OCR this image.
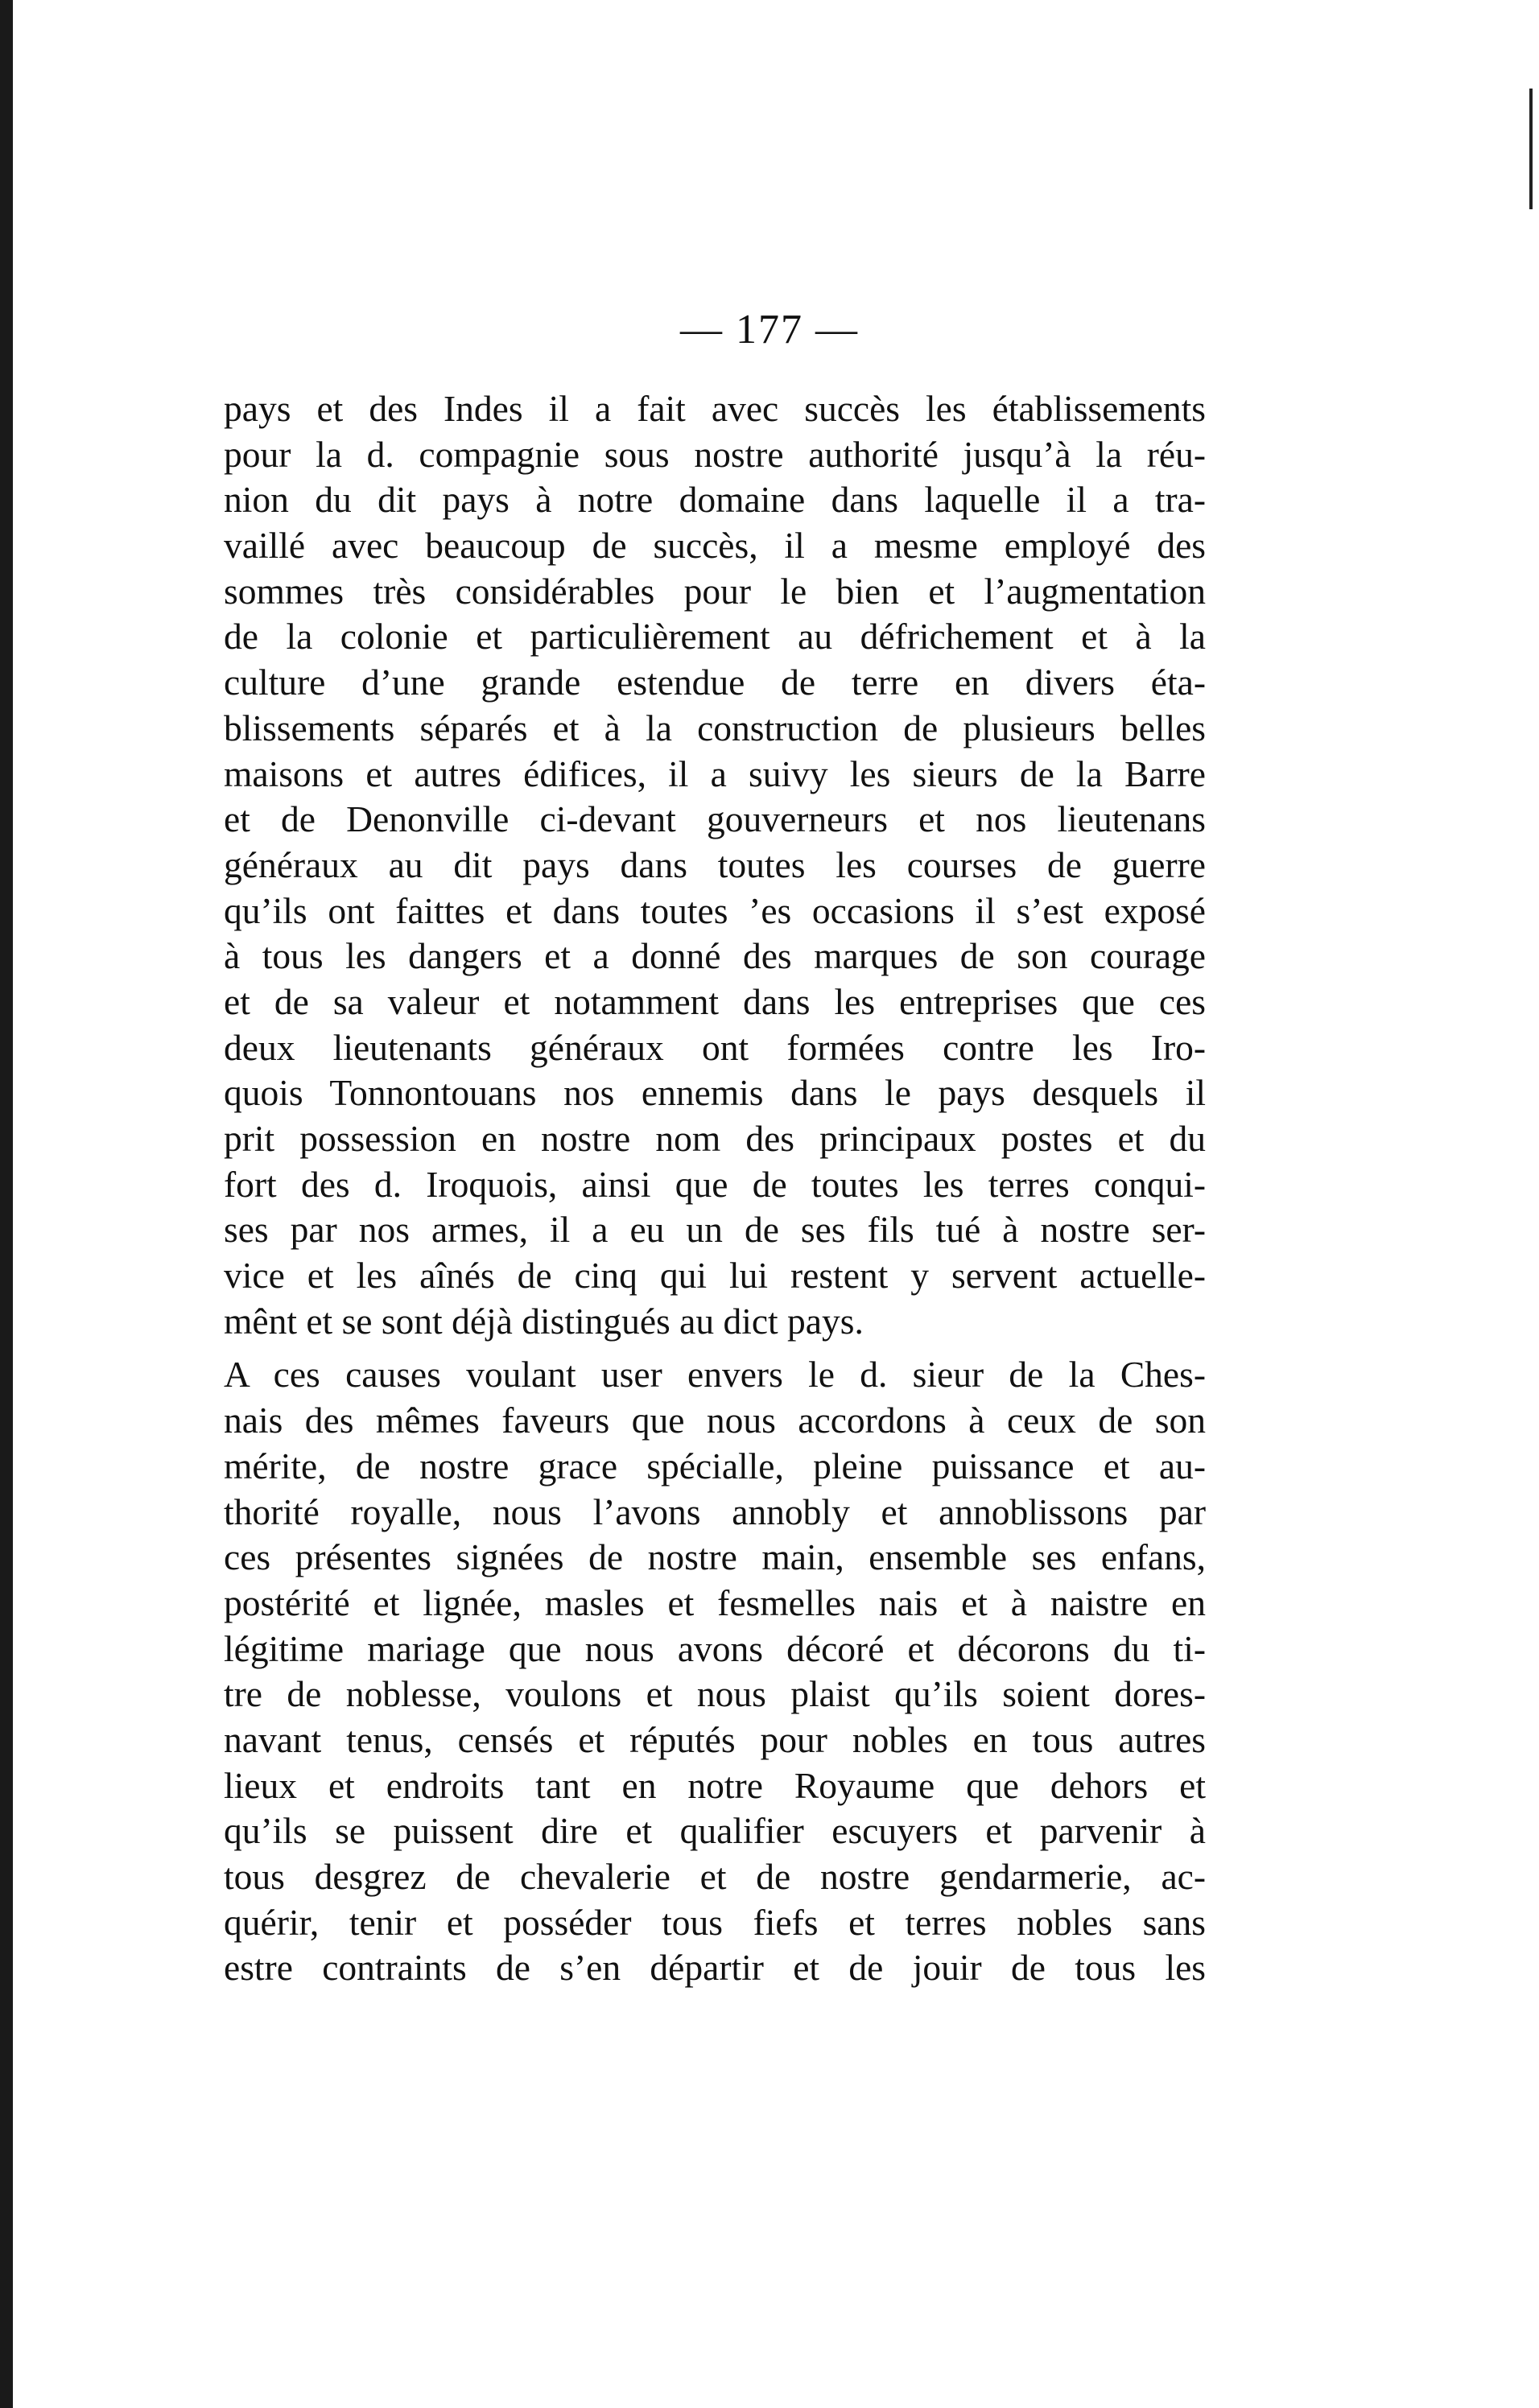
— 177 —
pays et des Indes il a fait avec succès les établissements
pour la d. compagnie sous nostre authorité jusqu’à la réu-
nion du dit pays à notre domaine dans laquelle il a tra-
vaillé avec beaucoup de succès, il a mesme employé des
sommes très considérables pour le bien et l’augmentation
de la colonie et particulièrement au défrichement et à la
culture d’une grande estendue de terre en divers éta-
blissements séparés et à la construction de plusieurs belles
maisons et autres édifices, il a suivy les sieurs de la Barre
et de Denonville ci-devant gouverneurs et nos lieutenans
généraux au dit pays dans toutes les courses de guerre
qu’ils ont faittes et dans toutes ’es occasions il s’est exposé
à tous les dangers et a donné des marques de son courage
et de sa valeur et notamment dans les entreprises que ces
deux lieutenants généraux ont formées contre les Iro-
quois Tonnontouans nos ennemis dans le pays desquels il
prit possession en nostre nom des principaux postes et du
fort des d. Iroquois, ainsi que de toutes les terres conqui-
ses par nos armes, il a eu un de ses fils tué à nostre ser-
vice et les aînés de cinq qui lui restent y servent actuelle-
mênt et se sont déjà distingués au dict pays.
A ces causes voulant user envers le d. sieur de la Ches-
nais des mêmes faveurs que nous accordons à ceux de son
mérite, de nostre grace spécialle, pleine puissance et au-
thorité royalle, nous l’avons annobly et annoblissons par
ces présentes signées de nostre main, ensemble ses enfans,
postérité et lignée, masles et fesmelles nais et à naistre en
légitime mariage que nous avons décoré et décorons du ti-
tre de noblesse, voulons et nous plaist qu’ils soient dores-
navant tenus, censés et réputés pour nobles en tous autres
lieux et endroits tant en notre Royaume que dehors et
qu’ils se puissent dire et qualifier escuyers et parvenir à
tous desgrez de chevalerie et de nostre gendarmerie, ac-
quérir, tenir et posséder tous fiefs et terres nobles sans
estre contraints de s’en départir et de jouir de tous les
